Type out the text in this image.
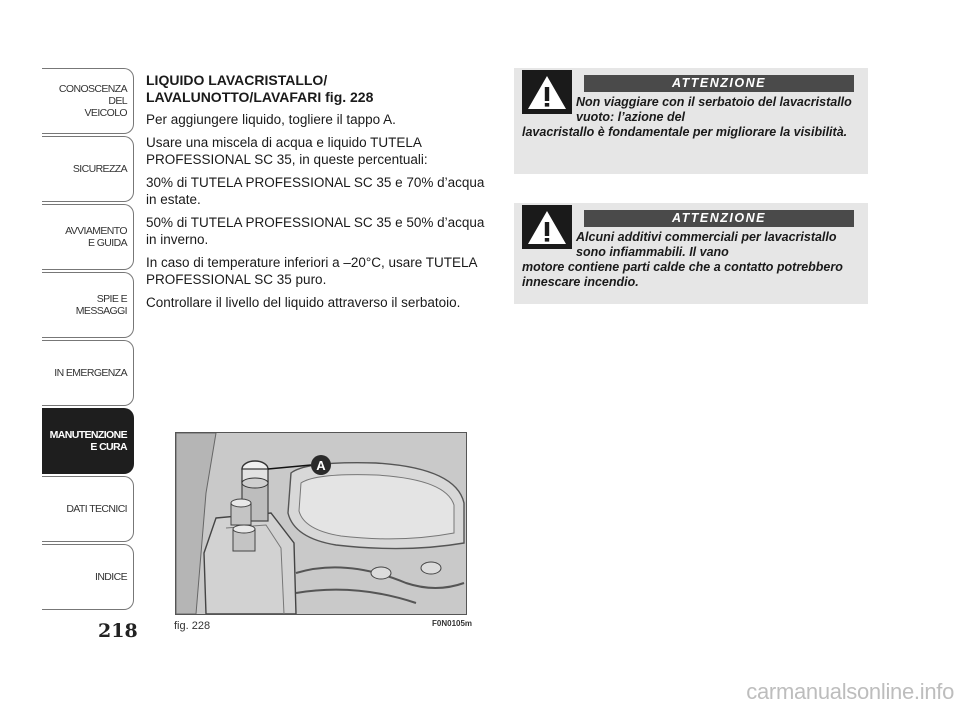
CONOSCENZA
DEL
VEICOLO
SICUREZZA
AVVIAMENTO
E GUIDA
SPIE E
MESSAGGI
IN EMERGENZA
MANUTENZIONE
E CURA
DATI TECNICI
INDICE
218

LIQUIDO LAVACRISTALLO/ LAVALUNOTTO/LAVAFARI fig. 228

Per aggiungere liquido, togliere il tappo A.

Usare una miscela di acqua e liquido TUTELA PROFESSIONAL SC 35, in queste percentuali:

30% di TUTELA PROFESSIONAL SC 35 e 70% d’acqua in estate.

50% di TUTELA PROFESSIONAL SC 35 e 50% d’acqua in inverno.

In caso di temperature inferiori a –20°C, usare TUTELA PROFESSIONAL SC 35 puro.

Controllare il livello del liquido attraverso il serbatoio.

ATTENZIONE
Non viaggiare con il serbatoio del lavacristallo vuoto: l’azione del
lavacristallo è fondamentale per migliorare la visibilità.
ATTENZIONE
Alcuni additivi commerciali per lavacristallo sono infiammabili. Il vano
motore contiene parti calde che a contatto potrebbero innescare incendio.
A
fig. 228	F0N0105m
carmanualsonline.info
